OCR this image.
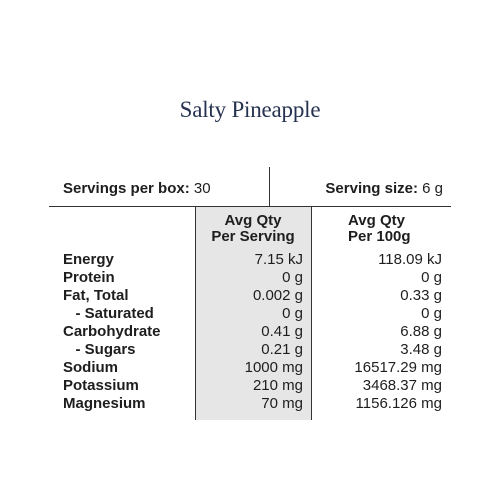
Salty Pineapple
Servings per box: 30	Serving size: 6 g
Avg Qty
Per Serving
Avg Qty
Per 100g
Energy
Protein
Fat, Total
- Saturated
Carbohydrate
- Sugars
Sodium
Potassium
Magnesium
7.15 kJ
0 g
0.002 g
0 g
0.41 g
0.21 g
1000 mg
210 mg
70 mg
118.09 kJ
0 g
0.33 g
0 g
6.88 g
3.48 g
16517.29 mg
3468.37 mg
1156.126 mg
